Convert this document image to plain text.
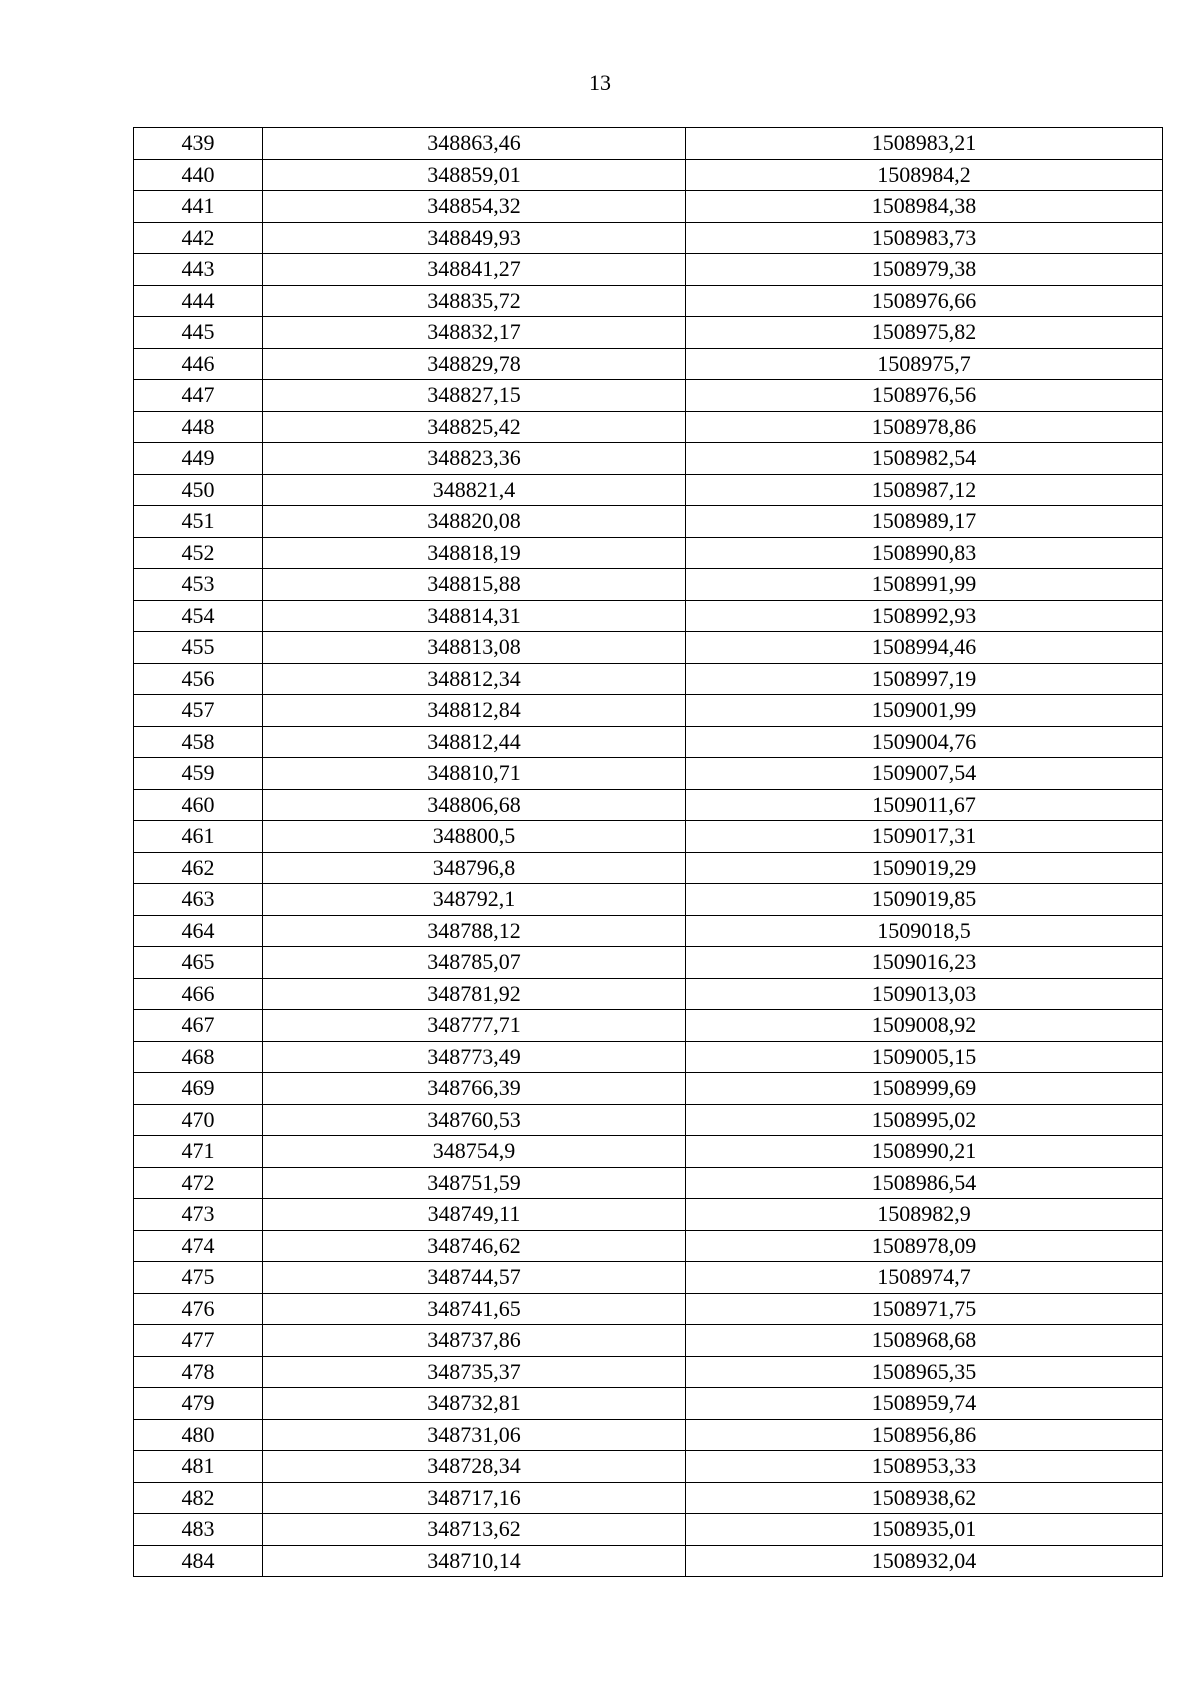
13
439	348863,46	1508983,21
440	348859,01	1508984,2
441	348854,32	1508984,38
442	348849,93	1508983,73
443	348841,27	1508979,38
444	348835,72	1508976,66
445	348832,17	1508975,82
446	348829,78	1508975,7
447	348827,15	1508976,56
448	348825,42	1508978,86
449	348823,36	1508982,54
450	348821,4	1508987,12
451	348820,08	1508989,17
452	348818,19	1508990,83
453	348815,88	1508991,99
454	348814,31	1508992,93
455	348813,08	1508994,46
456	348812,34	1508997,19
457	348812,84	1509001,99
458	348812,44	1509004,76
459	348810,71	1509007,54
460	348806,68	1509011,67
461	348800,5	1509017,31
462	348796,8	1509019,29
463	348792,1	1509019,85
464	348788,12	1509018,5
465	348785,07	1509016,23
466	348781,92	1509013,03
467	348777,71	1509008,92
468	348773,49	1509005,15
469	348766,39	1508999,69
470	348760,53	1508995,02
471	348754,9	1508990,21
472	348751,59	1508986,54
473	348749,11	1508982,9
474	348746,62	1508978,09
475	348744,57	1508974,7
476	348741,65	1508971,75
477	348737,86	1508968,68
478	348735,37	1508965,35
479	348732,81	1508959,74
480	348731,06	1508956,86
481	348728,34	1508953,33
482	348717,16	1508938,62
483	348713,62	1508935,01
484	348710,14	1508932,04
